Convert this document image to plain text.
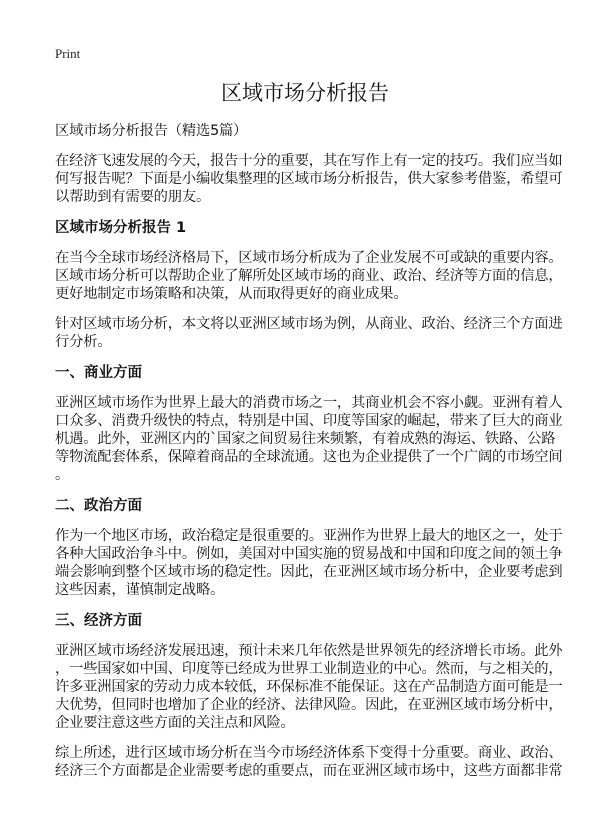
Print
区域市场分析报告
区域市场分析报告（精选5篇）
在经济飞速发展的今天，报告十分的重要，其在写作上有一定的技巧。我们应当如
何写报告呢？下面是小编收集整理的区域市场分析报告，供大家参考借鉴，希望可
以帮助到有需要的朋友。
区域市场分析报告 1
在当今全球市场经济格局下，区域市场分析成为了企业发展不可或缺的重要内容。
区域市场分析可以帮助企业了解所处区域市场的商业、政治、经济等方面的信息，
更好地制定市场策略和决策，从而取得更好的商业成果。
针对区域市场分析，本文将以亚洲区域市场为例，从商业、政治、经济三个方面进
行分析。
一、商业方面
亚洲区域市场作为世界上最大的消费市场之一，其商业机会不容小觑。亚洲有着人
口众多、消费升级快的特点，特别是中国、印度等国家的崛起，带来了巨大的商业
机遇。此外，亚洲区内的`国家之间贸易往来频繁，有着成熟的海运、铁路、公路
等物流配套体系，保障着商品的全球流通。这也为企业提供了一个广阔的市场空间
。
二、政治方面
作为一个地区市场，政治稳定是很重要的。亚洲作为世界上最大的地区之一，处于
各种大国政治争斗中。例如，美国对中国实施的贸易战和中国和印度之间的领土争
端会影响到整个区域市场的稳定性。因此，在亚洲区域市场分析中，企业要考虑到
这些因素，谨慎制定战略。
三、经济方面
亚洲区域市场经济发展迅速，预计未来几年依然是世界领先的经济增长市场。此外
，一些国家如中国、印度等已经成为世界工业制造业的中心。然而，与之相关的，
许多亚洲国家的劳动力成本较低，环保标准不能保证。这在产品制造方面可能是一
大优势，但同时也增加了企业的经济、法律风险。因此，在亚洲区域市场分析中，
企业要注意这些方面的关注点和风险。
综上所述，进行区域市场分析在当今市场经济体系下变得十分重要。商业、政治、
经济三个方面都是企业需要考虑的重要点，而在亚洲区域市场中，这些方面都非常
